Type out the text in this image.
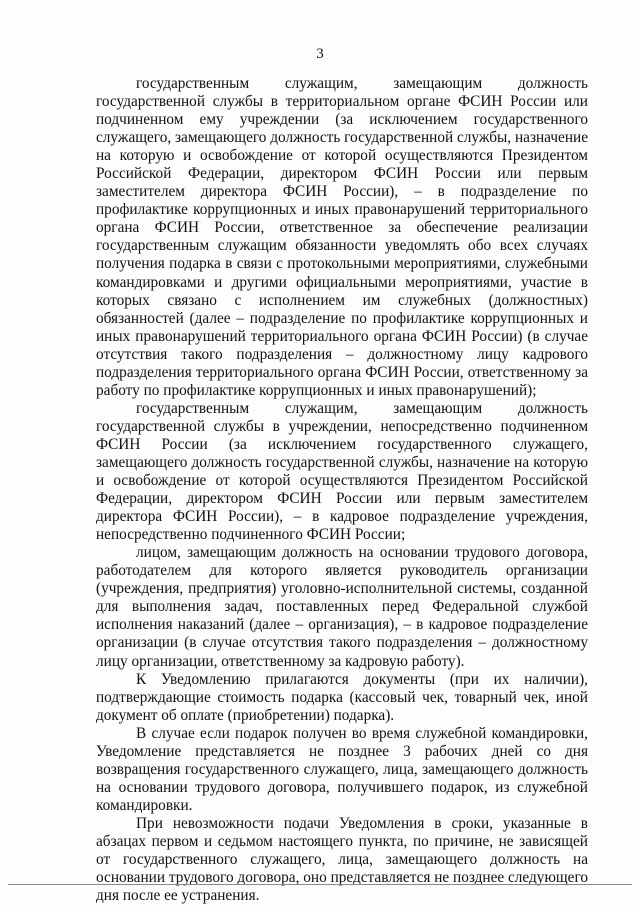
3

государственным служащим, замещающим должность государственной службы в территориальном органе ФСИН России или подчиненном ему учреждении (за исключением государственного служащего, замещающего должность государственной службы, назначение на которую и освобождение от которой осуществляются Президентом Российской Федерации, директором ФСИН России или первым заместителем директора ФСИН России), – в подразделение по профилактике коррупционных и иных правонарушений территориального органа ФСИН России, ответственное за обеспечение реализации государственным служащим обязанности уведомлять обо всех случаях получения подарка в связи с протокольными мероприятиями, служебными командировками и другими официальными мероприятиями, участие в которых связано с исполнением им служебных (должностных) обязанностей (далее – подразделение по профилактике коррупционных и иных правонарушений территориального органа ФСИН России) (в случае отсутствия такого подразделения – должностному лицу кадрового подразделения территориального органа ФСИН России, ответственному за работу по профилактике коррупционных и иных правонарушений);

государственным служащим, замещающим должность государственной службы в учреждении, непосредственно подчиненном ФСИН России (за исключением государственного служащего, замещающего должность государственной службы, назначение на которую и освобождение от которой осуществляются Президентом Российской Федерации, директором ФСИН России или первым заместителем директора ФСИН России), – в кадровое подразделение учреждения, непосредственно подчиненного ФСИН России;

лицом, замещающим должность на основании трудового договора, работодателем для которого является руководитель организации (учреждения, предприятия) уголовно-исполнительной системы, созданной для выполнения задач, поставленных перед Федеральной службой исполнения наказаний (далее – организация), – в кадровое подразделение организации (в случае отсутствия такого подразделения – должностному лицу организации, ответственному за кадровую работу).

К Уведомлению прилагаются документы (при их наличии), подтверждающие стоимость подарка (кассовый чек, товарный чек, иной документ об оплате (приобретении) подарка).

В случае если подарок получен во время служебной командировки, Уведомление представляется не позднее 3 рабочих дней со дня возвращения государственного служащего, лица, замещающего должность на основании трудового договора, получившего подарок, из служебной командировки.

При невозможности подачи Уведомления в сроки, указанные в абзацах первом и седьмом настоящего пункта, по причине, не зависящей от государственного служащего, лица, замещающего должность на основании трудового договора, оно представляется не позднее следующего дня после ее устранения.
